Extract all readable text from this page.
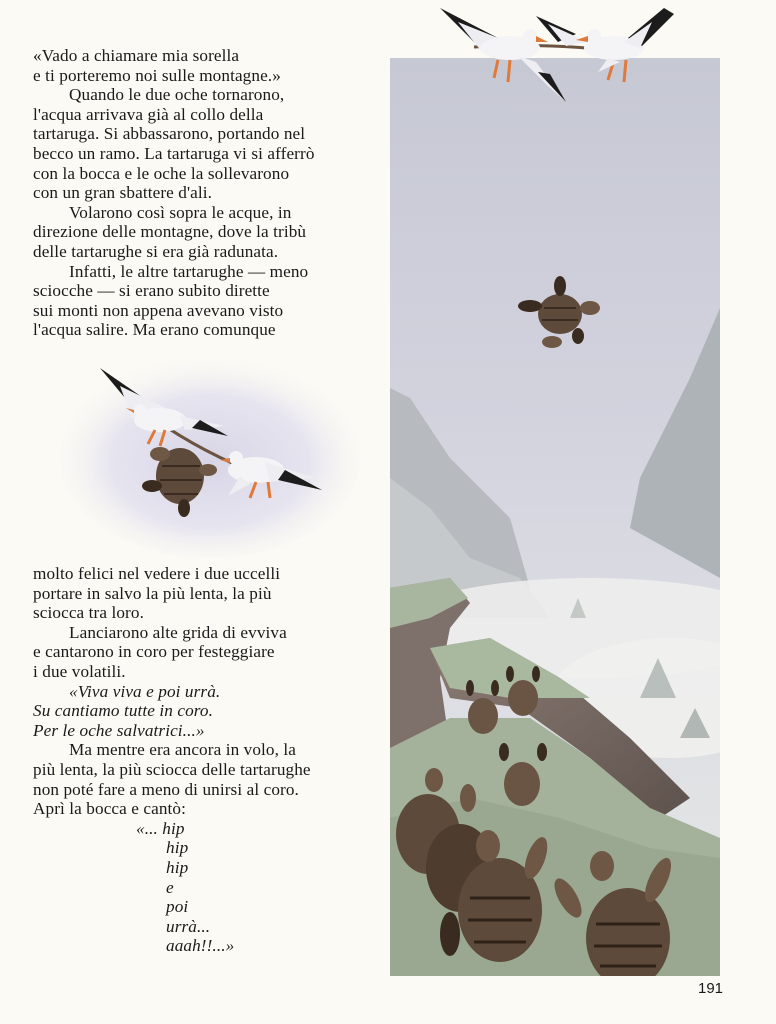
«Vado a chiamare mia sorella
e ti porteremo noi sulle montagne.»
Quando le due oche tornarono,
l'acqua arrivava già al collo della
tartaruga. Si abbassarono, portando nel
becco un ramo. La tartaruga vi si afferrò
con la bocca e le oche la sollevarono
con un gran sbattere d'ali.
Volarono così sopra le acque, in
direzione delle montagne, dove la tribù
delle tartarughe si era già radunata.
Infatti, le altre tartarughe — meno
sciocche — si erano subito dirette
sui monti non appena avevano visto
l'acqua salire. Ma erano comunque
molto felici nel vedere i due uccelli
portare in salvo la più lenta, la più
sciocca tra loro.
Lanciarono alte grida di evviva
e cantarono in coro per festeggiare
i due volatili.
«Viva viva e poi urrà.
Su cantiamo tutte in coro.
Per le oche salvatrici...»
Ma mentre era ancora in volo, la
più lenta, la più sciocca delle tartarughe
non poté fare a meno di unirsi al coro.
Aprì la bocca e cantò:
«... hip
hip
hip
e
poi
urrà...
aaah!!...»
191
